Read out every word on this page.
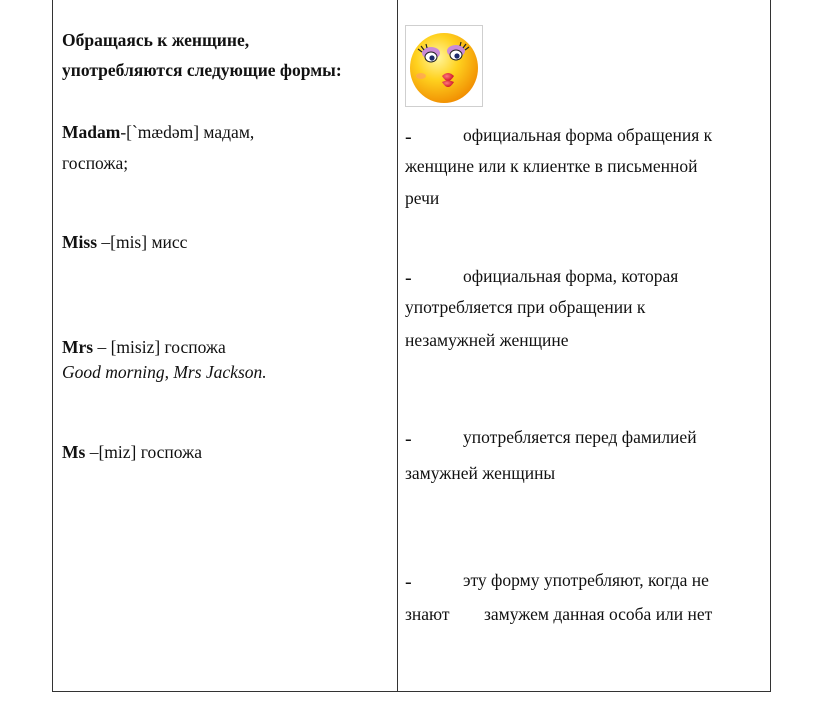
Обращаясь к женщине,
употребляются следующие формы:
Madam-[`mædəm] мадам,
госпожа;
Miss –[mis] мисс
Mrs – [misiz] госпожа
Good morning, Mrs Jackson.
Ms –[miz] госпожа
-	официальная форма обращения к
женщине или к клиентке в письменной
речи
-	официальная форма, которая
употребляется при обращении к
незамужней женщине
-	употребляется перед фамилией
замужней женщины
-	эту форму употребляют, когда не
знают замужем данная особа или нет
